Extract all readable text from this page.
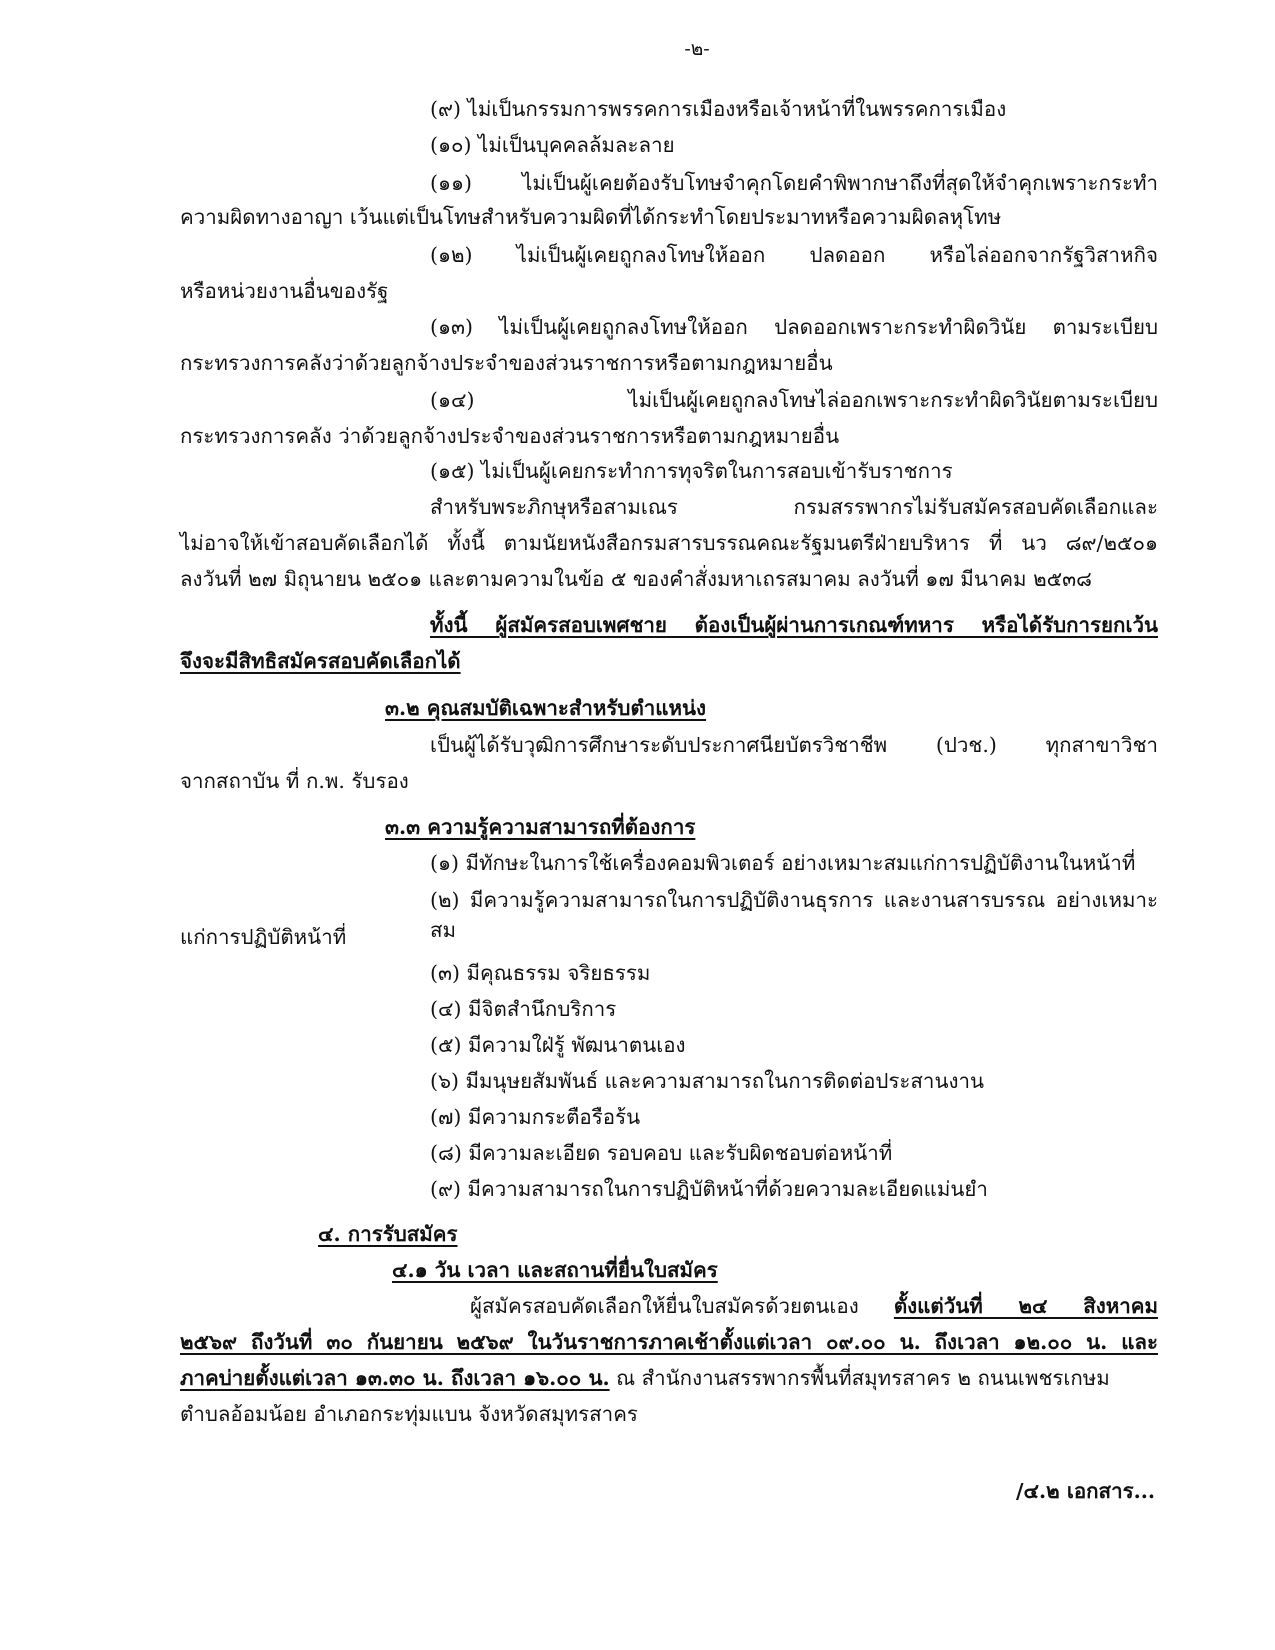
-๒-
(๙) ไม่เป็นกรรมการพรรคการเมืองหรือเจ้าหน้าที่ในพรรคการเมือง
(๑๐) ไม่เป็นบุคคลล้มละลาย
(๑๑) ไม่เป็นผู้เคยต้องรับโทษจำคุกโดยคำพิพากษาถึงที่สุดให้จำคุกเพราะกระทำ
ความผิดทางอาญา เว้นแต่เป็นโทษสำหรับความผิดที่ได้กระทำโดยประมาทหรือความผิดลหุโทษ
(๑๒) ไม่เป็นผู้เคยถูกลงโทษให้ออก ปลดออก หรือไล่ออกจากรัฐวิสาหกิจ
หรือหน่วยงานอื่นของรัฐ
(๑๓) ไม่เป็นผู้เคยถูกลงโทษให้ออก ปลดออกเพราะกระทำผิดวินัย ตามระเบียบ
กระทรวงการคลังว่าด้วยลูกจ้างประจำของส่วนราชการหรือตามกฎหมายอื่น
(๑๔) ไม่เป็นผู้เคยถูกลงโทษไล่ออกเพราะกระทำผิดวินัยตามระเบียบ
กระทรวงการคลัง ว่าด้วยลูกจ้างประจำของส่วนราชการหรือตามกฎหมายอื่น
(๑๕) ไม่เป็นผู้เคยกระทำการทุจริตในการสอบเข้ารับราชการ
สำหรับพระภิกษุหรือสามเณร กรมสรรพากรไม่รับสมัครสอบคัดเลือกและ
ไม่อาจให้เข้าสอบคัดเลือกได้ ทั้งนี้ ตามนัยหนังสือกรมสารบรรณคณะรัฐมนตรีฝ่ายบริหาร ที่ นว ๘๙/๒๕๐๑
ลงวันที่ ๒๗ มิถุนายน ๒๕๐๑ และตามความในข้อ ๕ ของคำสั่งมหาเถรสมาคม ลงวันที่ ๑๗ มีนาคม ๒๕๓๘
ทั้งนี้ ผู้สมัครสอบเพศชาย ต้องเป็นผู้ผ่านการเกณฑ์ทหาร หรือได้รับการยกเว้น
จึงจะมีสิทธิสมัครสอบคัดเลือกได้
๓.๒ คุณสมบัติเฉพาะสำหรับตำแหน่ง
เป็นผู้ได้รับวุฒิการศึกษาระดับประกาศนียบัตรวิชาชีพ (ปวช.) ทุกสาขาวิชา
จากสถาบัน ที่ ก.พ. รับรอง
๓.๓ ความรู้ความสามารถที่ต้องการ
(๑) มีทักษะในการใช้เครื่องคอมพิวเตอร์ อย่างเหมาะสมแก่การปฏิบัติงานในหน้าที่
(๒) มีความรู้ความสามารถในการปฏิบัติงานธุรการ และงานสารบรรณ อย่างเหมาะสม
แก่การปฏิบัติหน้าที่
(๓) มีคุณธรรม จริยธรรม
(๔) มีจิตสำนึกบริการ
(๕) มีความใฝ่รู้ พัฒนาตนเอง
(๖) มีมนุษยสัมพันธ์ และความสามารถในการติดต่อประสานงาน
(๗) มีความกระตือรือร้น
(๘) มีความละเอียด รอบคอบ และรับผิดชอบต่อหน้าที่
(๙) มีความสามารถในการปฏิบัติหน้าที่ด้วยความละเอียดแม่นยำ
๔. การรับสมัคร
๔.๑ วัน เวลา และสถานที่ยื่นใบสมัคร
ผู้สมัครสอบคัดเลือกให้ยื่นใบสมัครด้วยตนเอง ตั้งแต่วันที่ ๒๔ สิงหาคม
๒๕๖๙ ถึงวันที่ ๓๐ กันยายน ๒๕๖๙ ในวันราชการภาคเช้าตั้งแต่เวลา ๐๙.๐๐ น. ถึงเวลา ๑๒.๐๐ น. และ
ภาคบ่ายตั้งแต่เวลา ๑๓.๓๐ น. ถึงเวลา ๑๖.๐๐ น. ณ สำนักงานสรรพากรพื้นที่สมุทรสาคร ๒ ถนนเพชรเกษม
ตำบลอ้อมน้อย อำเภอกระทุ่มแบน จังหวัดสมุทรสาคร
/๔.๒ เอกสาร...
